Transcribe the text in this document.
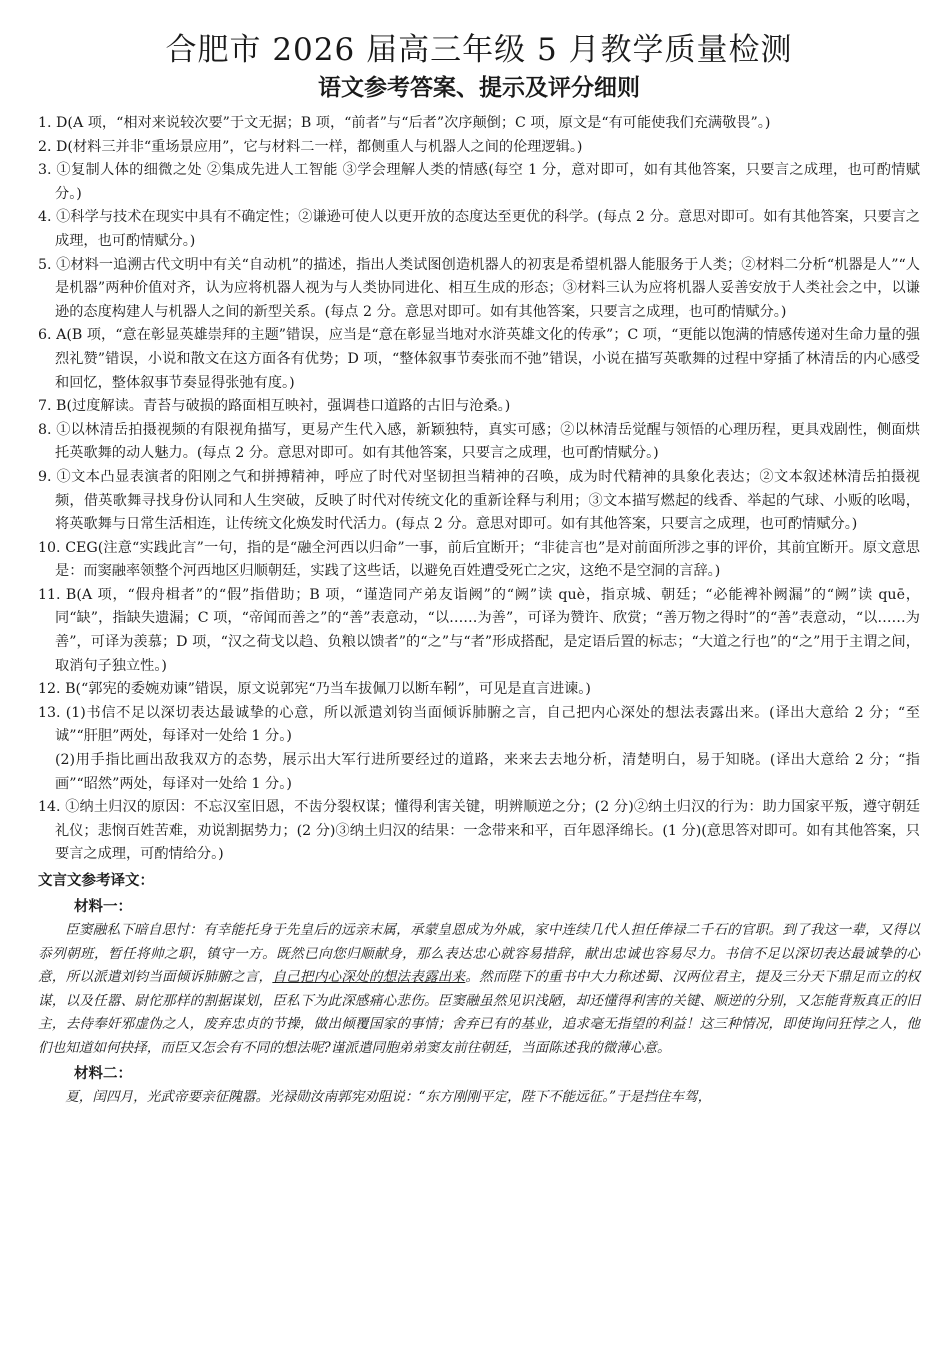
合肥市 2026 届高三年级 5 月教学质量检测
语文参考答案、提示及评分细则

1. D(A 项，“相对来说较次要”于文无据；B 项，“前者”与“后者”次序颠倒；C 项，原文是“有可能使我们充满敬畏”。)

2. D(材料三并非“重场景应用”，它与材料二一样，都侧重人与机器人之间的伦理逻辑。)

3. ①复制人体的细微之处 ②集成先进人工智能 ③学会理解人类的情感(每空 1 分，意对即可，如有其他答案，只要言之成理，也可酌情赋分。)

4. ①科学与技术在现实中具有不确定性；②谦逊可使人以更开放的态度达至更优的科学。(每点 2 分。意思对即可。如有其他答案，只要言之成理，也可酌情赋分。)

5. ①材料一追溯古代文明中有关“自动机”的描述，指出人类试图创造机器人的初衷是希望机器人能服务于人类；②材料二分析“机器是人”“人是机器”两种价值对齐，认为应将机器人视为与人类协同进化、相互生成的形态；③材料三认为应将机器人妥善安放于人类社会之中，以谦逊的态度构建人与机器人之间的新型关系。(每点 2 分。意思对即可。如有其他答案，只要言之成理，也可酌情赋分。)

6. A(B 项，“意在彰显英雄崇拜的主题”错误，应当是“意在彰显当地对水浒英雄文化的传承”；C 项，“更能以饱满的情感传递对生命力量的强烈礼赞”错误，小说和散文在这方面各有优势；D 项，“整体叙事节奏张而不弛”错误，小说在描写英歌舞的过程中穿插了林清岳的内心感受和回忆，整体叙事节奏显得张弛有度。)

7. B(过度解读。青苔与破损的路面相互映衬，强调巷口道路的古旧与沧桑。)

8. ①以林清岳拍摄视频的有限视角描写，更易产生代入感，新颖独特，真实可感；②以林清岳觉醒与领悟的心理历程，更具戏剧性，侧面烘托英歌舞的动人魅力。(每点 2 分。意思对即可。如有其他答案，只要言之成理，也可酌情赋分。)

9. ①文本凸显表演者的阳刚之气和拼搏精神，呼应了时代对坚韧担当精神的召唤，成为时代精神的具象化表达；②文本叙述林清岳拍摄视频，借英歌舞寻找身份认同和人生突破，反映了时代对传统文化的重新诠释与利用；③文本描写燃起的线香、举起的气球、小贩的吆喝，将英歌舞与日常生活相连，让传统文化焕发时代活力。(每点 2 分。意思对即可。如有其他答案，只要言之成理，也可酌情赋分。)

10. CEG(注意“实践此言”一句，指的是“融全河西以归命”一事，前后宜断开；“非徒言也”是对前面所涉之事的评价，其前宜断开。原文意思是：而窦融率领整个河西地区归顺朝廷，实践了这些话，以避免百姓遭受死亡之灾，这绝不是空洞的言辞。)

11. B(A 项，“假舟楫者”的“假”指借助；B 项，“谨造同产弟友诣阙”的“阙”读 què，指京城、朝廷；“必能裨补阙漏”的“阙”读 quē，同“缺”，指缺失遗漏；C 项，“帝闻而善之”的“善”表意动，“以……为善”，可译为赞许、欣赏；“善万物之得时”的“善”表意动，“以……为善”，可译为羡慕；D 项，“汉之荷戈以趋、负粮以馈者”的“之”与“者”形成搭配，是定语后置的标志；“大道之行也”的“之”用于主谓之间，取消句子独立性。)

12. B(“郭宪的委婉劝谏”错误，原文说郭宪“乃当车拔佩刀以断车靷”，可见是直言进谏。)

13. (1)书信不足以深切表达最诚挚的心意，所以派遣刘钧当面倾诉肺腑之言，自己把内心深处的想法表露出来。(译出大意给 2 分；“至诚”“肝胆”两处，每译对一处给 1 分。)
(2)用手指比画出敌我双方的态势，展示出大军行进所要经过的道路，来来去去地分析，清楚明白，易于知晓。(译出大意给 2 分；“指画”“昭然”两处，每译对一处给 1 分。)

14. ①纳土归汉的原因：不忘汉室旧恩，不齿分裂权谋；懂得利害关键，明辨顺逆之分；(2 分)②纳土归汉的行为：助力国家平叛，遵守朝廷礼仪；悲悯百姓苦难，劝说割据势力；(2 分)③纳土归汉的结果：一念带来和平，百年恩泽绵长。(1 分)(意思答对即可。如有其他答案，只要言之成理，可酌情给分。)

文言文参考译文：
材料一：

臣窦融私下暗自思忖：有幸能托身于先皇后的远亲末属，承蒙皇恩成为外戚，家中连续几代人担任俸禄二千石的官职。到了我这一辈，又得以忝列朝班，暂任将帅之职，镇守一方。既然已向您归顺献身，那么表达忠心就容易措辞，献出忠诚也容易尽力。书信不足以深切表达最诚挚的心意，所以派遣刘钧当面倾诉肺腑之言，自己把内心深处的想法表露出来。然而陛下的重书中大力称述蜀、汉两位君主，提及三分天下鼎足而立的权谋，以及任嚣、尉佗那样的割据谋划，臣私下为此深感痛心悲伤。臣窦融虽然见识浅陋，却还懂得利害的关键、顺逆的分别，又怎能背叛真正的旧主，去侍奉奸邪虚伪之人，废弃忠贞的节操，做出倾覆国家的事情；舍弃已有的基业，追求毫无指望的利益！这三种情况，即使询问狂悖之人，他们也知道如何抉择，而臣又怎会有不同的想法呢?谨派遣同胞弟弟窦友前往朝廷，当面陈述我的微薄心意。

材料二：

夏，闰四月，光武帝要亲征隗嚣。光禄勋汝南郭宪劝阻说：“东方刚刚平定，陛下不能远征。”于是挡住车驾，
